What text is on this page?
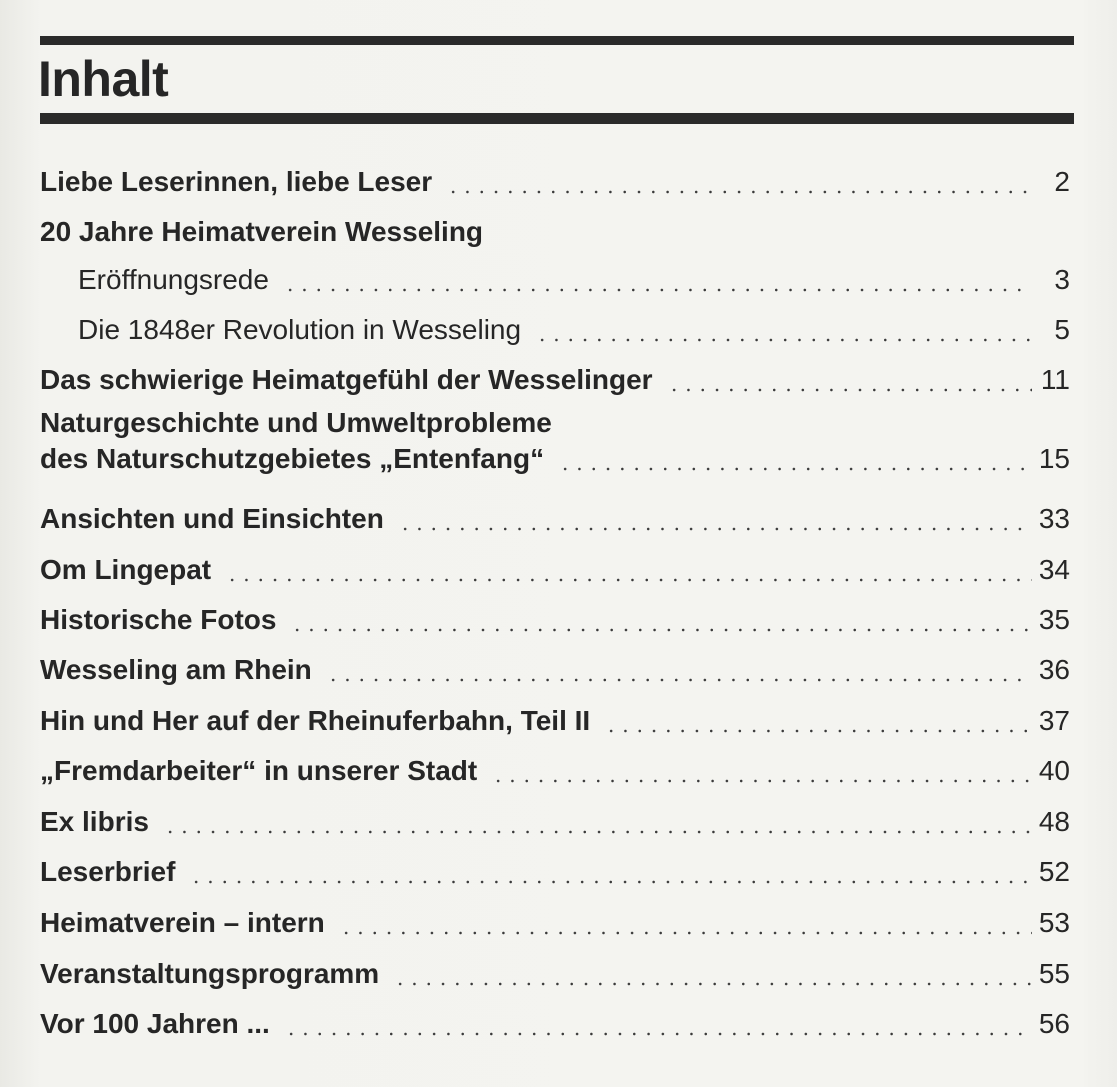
Inhalt
Liebe Leserinnen, liebe Leser	2
20 Jahre Heimatverein Wesseling
Eröffnungsrede	3
Die 1848er Revolution in Wesseling	5
Das schwierige Heimatgefühl der Wesselinger	11
Naturgeschichte und Umweltprobleme
des Naturschutzgebietes „Entenfang“	15
Ansichten und Einsichten	33
Om Lingepat	34
Historische Fotos	35
Wesseling am Rhein	36
Hin und Her auf der Rheinuferbahn, Teil II	37
„Fremdarbeiter“ in unserer Stadt	40
Ex libris	48
Leserbrief	52
Heimatverein – intern	53
Veranstaltungsprogramm	55
Vor 100 Jahren ...	56
